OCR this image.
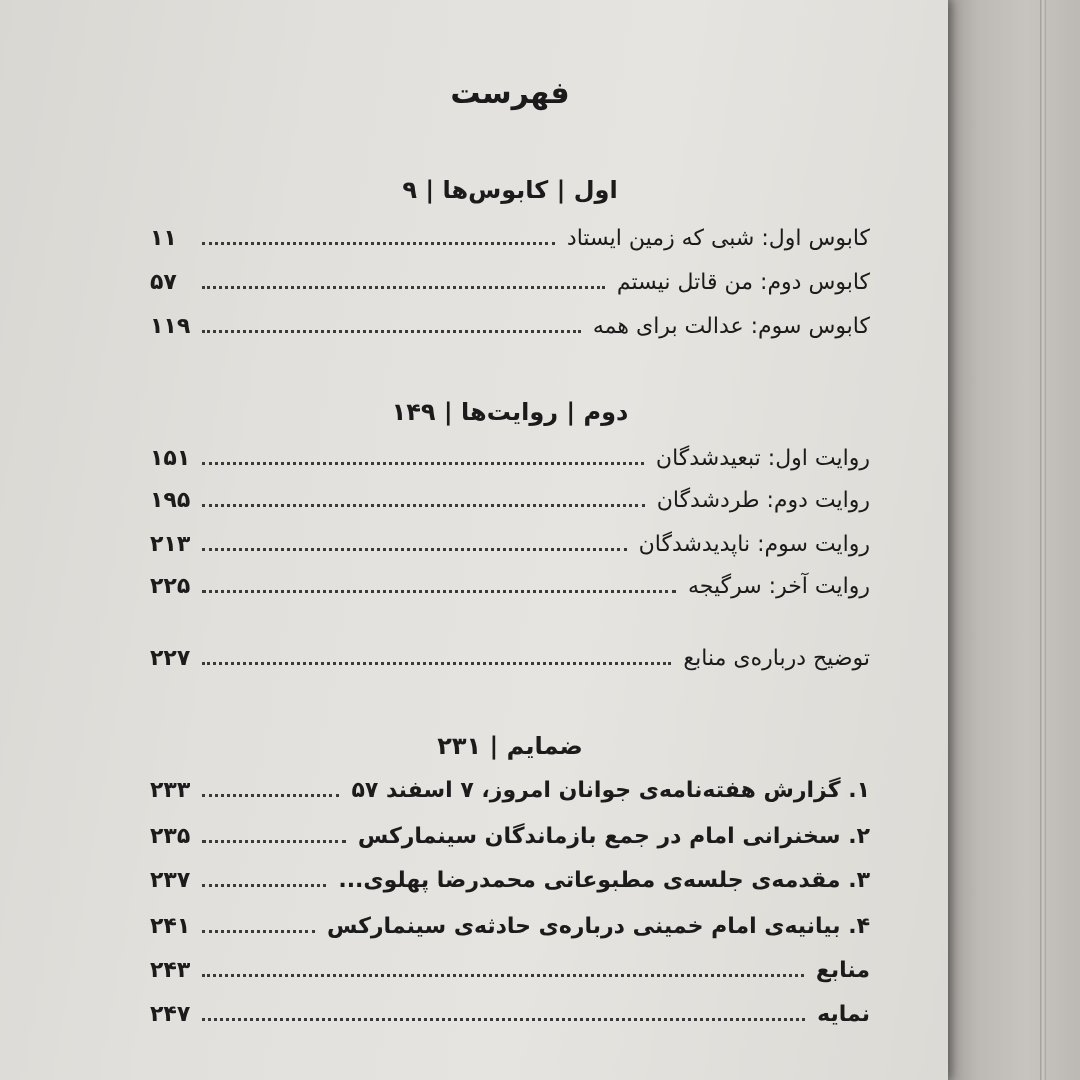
فهرست
اول | کابوس‌ها | ۹
کابوس اول: شبی که زمین ایستاد
۱۱
کابوس دوم: من قاتل نیستم
۵۷
کابوس سوم: عدالت برای همه
۱۱۹
دوم | روایت‌ها | ۱۴۹
روایت اول: تبعیدشدگان
۱۵۱
روایت دوم: طردشدگان
۱۹۵
روایت سوم: ناپدیدشدگان
۲۱۳
روایت آخر: سرگیجه
۲۲۵
توضیح درباره‌ی منابع
۲۲۷
ضمایم | ۲۳۱
۱. گزارش هفته‌نامه‌ی جوانان امروز، ۷ اسفند ۵۷
۲۳۳
۲. سخنرانی امام در جمع بازماندگان سینمارکس
۲۳۵
۳. مقدمه‌ی جلسه‌ی مطبوعاتی محمدرضا پهلوی...
۲۳۷
۴. بیانیه‌ی امام خمینی درباره‌ی حادثه‌ی سینمارکس
۲۴۱
منابع
۲۴۳
نمایه
۲۴۷
